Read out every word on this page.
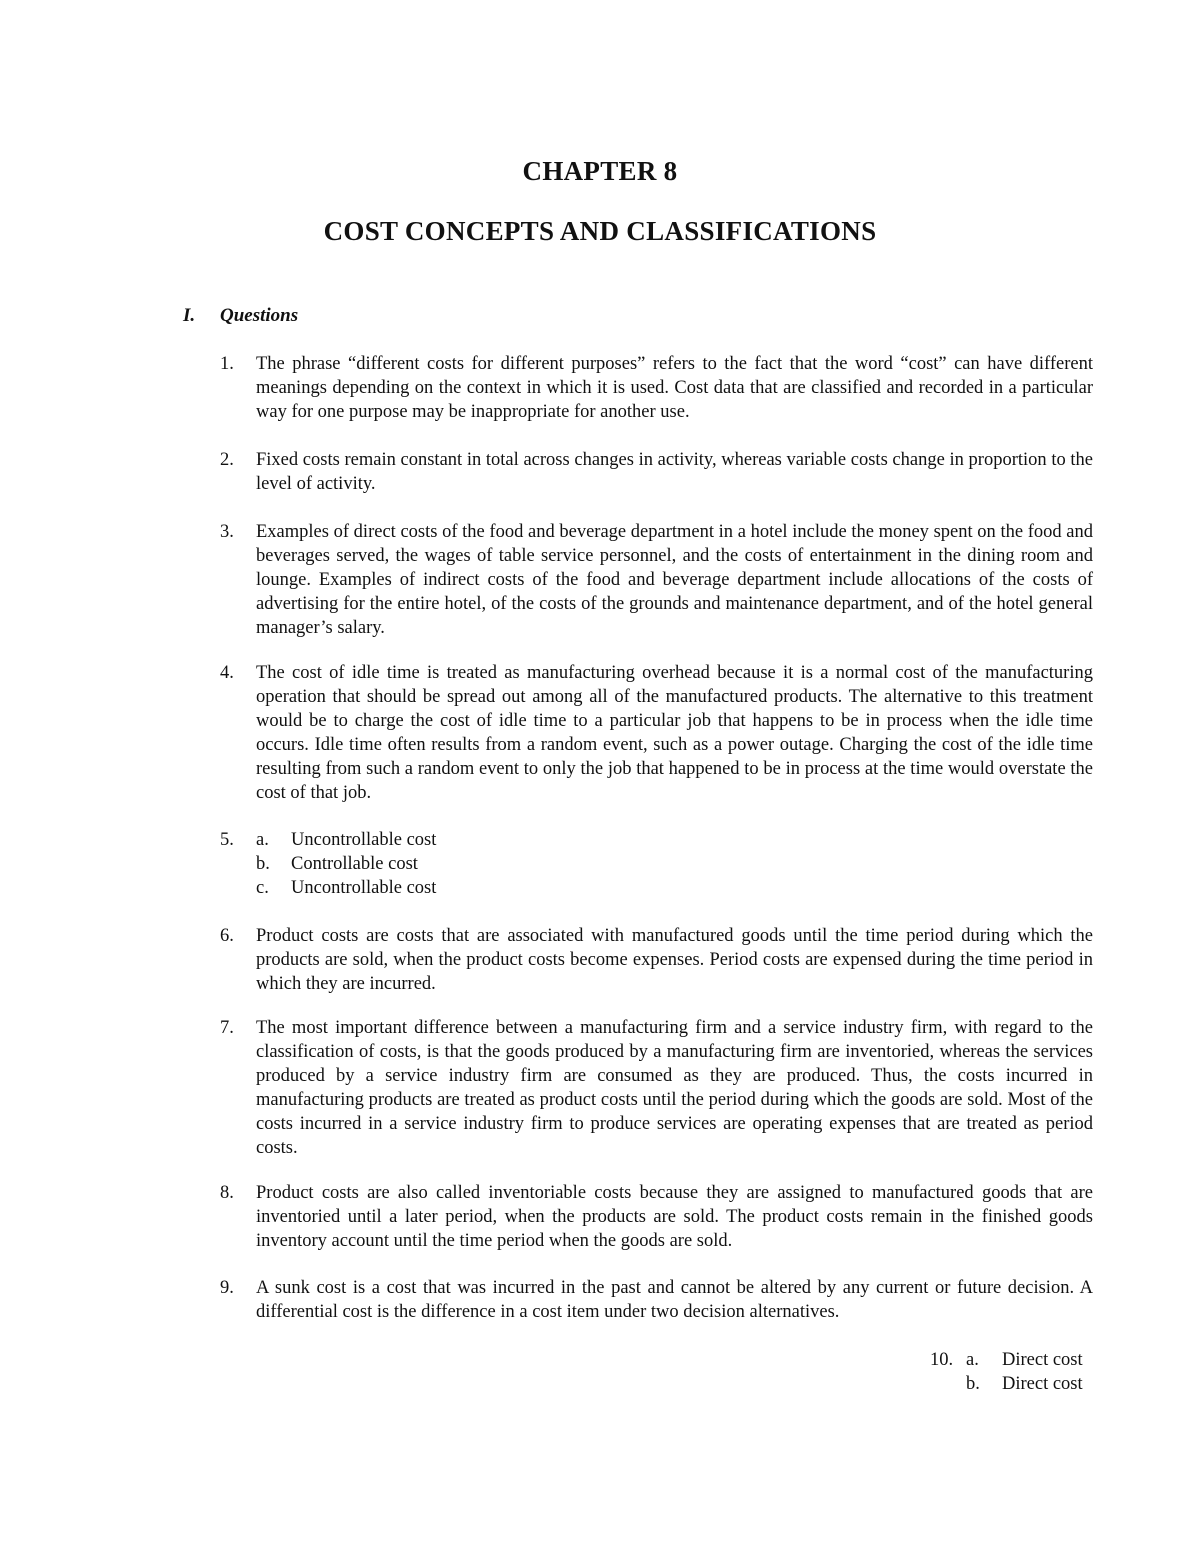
CHAPTER 8
COST CONCEPTS AND CLASSIFICATIONS
I. Questions
1. The phrase “different costs for different purposes” refers to the fact that the word “cost” can have different meanings depending on the context in which it is used. Cost data that are classified and recorded in a particular way for one purpose may be inappropriate for another use.
2. Fixed costs remain constant in total across changes in activity, whereas variable costs change in proportion to the level of activity.
3. Examples of direct costs of the food and beverage department in a hotel include the money spent on the food and beverages served, the wages of table service personnel, and the costs of entertainment in the dining room and lounge. Examples of indirect costs of the food and beverage department include allocations of the costs of advertising for the entire hotel, of the costs of the grounds and maintenance department, and of the hotel general manager’s salary.
4. The cost of idle time is treated as manufacturing overhead because it is a normal cost of the manufacturing operation that should be spread out among all of the manufactured products. The alternative to this treatment would be to charge the cost of idle time to a particular job that happens to be in process when the idle time occurs. Idle time often results from a random event, such as a power outage. Charging the cost of the idle time resulting from such a random event to only the job that happened to be in process at the time would overstate the cost of that job.
5. a. Uncontrollable cost
b. Controllable cost
c. Uncontrollable cost
6. Product costs are costs that are associated with manufactured goods until the time period during which the products are sold, when the product costs become expenses. Period costs are expensed during the time period in which they are incurred.
7. The most important difference between a manufacturing firm and a service industry firm, with regard to the classification of costs, is that the goods produced by a manufacturing firm are inventoried, whereas the services produced by a service industry firm are consumed as they are produced. Thus, the costs incurred in manufacturing products are treated as product costs until the period during which the goods are sold. Most of the costs incurred in a service industry firm to produce services are operating expenses that are treated as period costs.
8. Product costs are also called inventoriable costs because they are assigned to manufactured goods that are inventoried until a later period, when the products are sold. The product costs remain in the finished goods inventory account until the time period when the goods are sold.
9. A sunk cost is a cost that was incurred in the past and cannot be altered by any current or future decision. A differential cost is the difference in a cost item under two decision alternatives.
10. a. Direct cost
b. Direct cost
